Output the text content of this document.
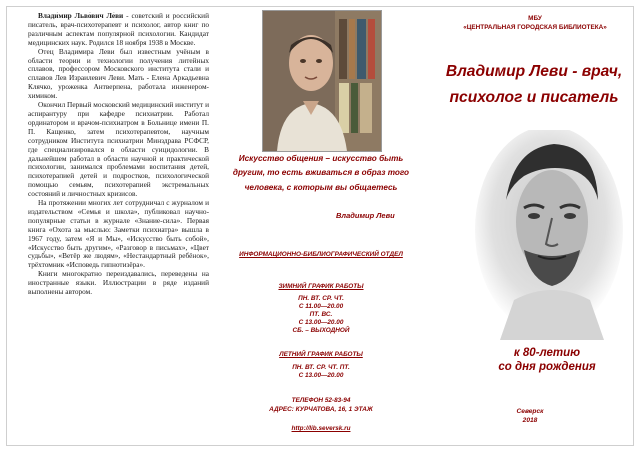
Влади́мир Льво́вич Ле́ви - советский и российский писатель, врач-психотерапевт и психолог, автор книг по различным аспектам популярной психологии. Кандидат медицинских наук. Родился 18 ноября 1938 в Москве.

Отец Владимира Леви был известным учёным в области теории и технологии получения литейных сплавов, профессором Московского института стали и сплавов Лев Израилевич Леви. Мать - Елена Аркадьевна Клячко, уроженка Антверпена, работала инженером-химиком.

Окончил Первый московский медицинский институт и аспирантуру при кафедре психиатрии. Работал ординатором и врачом-психиатром в Больнице имени П. П. Кащенко, затем психотерапевтом, научным сотрудником Института психиатрии Минздрава РСФСР, где специализировался в области суицидологии. В дальнейшем работал в области научной и практической психологии, занимался проблемами воспитания детей, психотерапией детей и подростков, психологической помощью семьям, психотерапией экстремальных состояний и личностных кризисов.

На протяжении многих лет сотрудничал с журналом и издательством «Семья и школа», публиковал научно-популярные статьи в журнале «Знание-сила». Первая книга «Охота за мыслью: Заметки психиатра» вышла в 1967 году, затем «Я и Мы», «Искусство быть собой», «Искусство быть другим», «Разговор в письмах», «Цвет судьбы», «Ветёр же людям», «Нестандартный ребёнок», трёхтомник «Исповедь гипнотизёра».

Книги многократно переиздавались, переведены на иностранные языки. Иллюстрации в ряде изданий выполнены автором.

Искусство общения – искусство быть другим, то есть вживаться в образ того человека, с которым вы общаетесь
Владимир Леви
ИНФОРМАЦИОННО-БИБЛИОГРАФИЧЕСКИЙ ОТДЕЛ
ЗИМНИЙ ГРАФИК РАБОТЫ
ПН. ВТ. СР. ЧТ.
С 11.00—20.00
ПТ. ВС.
С 13.00—20.00
СБ. – ВЫХОДНОЙ
ЛЕТНИЙ ГРАФИК РАБОТЫ
ПН. ВТ. СР. ЧТ. ПТ.
С 13.00—20.00
ТЕЛЕФОН 52-83-94
АДРЕС: КУРЧАТОВА, 16, 1 ЭТАЖ
http://lib.seversk.ru
МБУ
«ЦЕНТРАЛЬНАЯ ГОРОДСКАЯ БИБЛИОТЕКА»
Владимир Леви - врач,
психолог и писатель
к 80-летию
со дня рождения
Северск
2018
